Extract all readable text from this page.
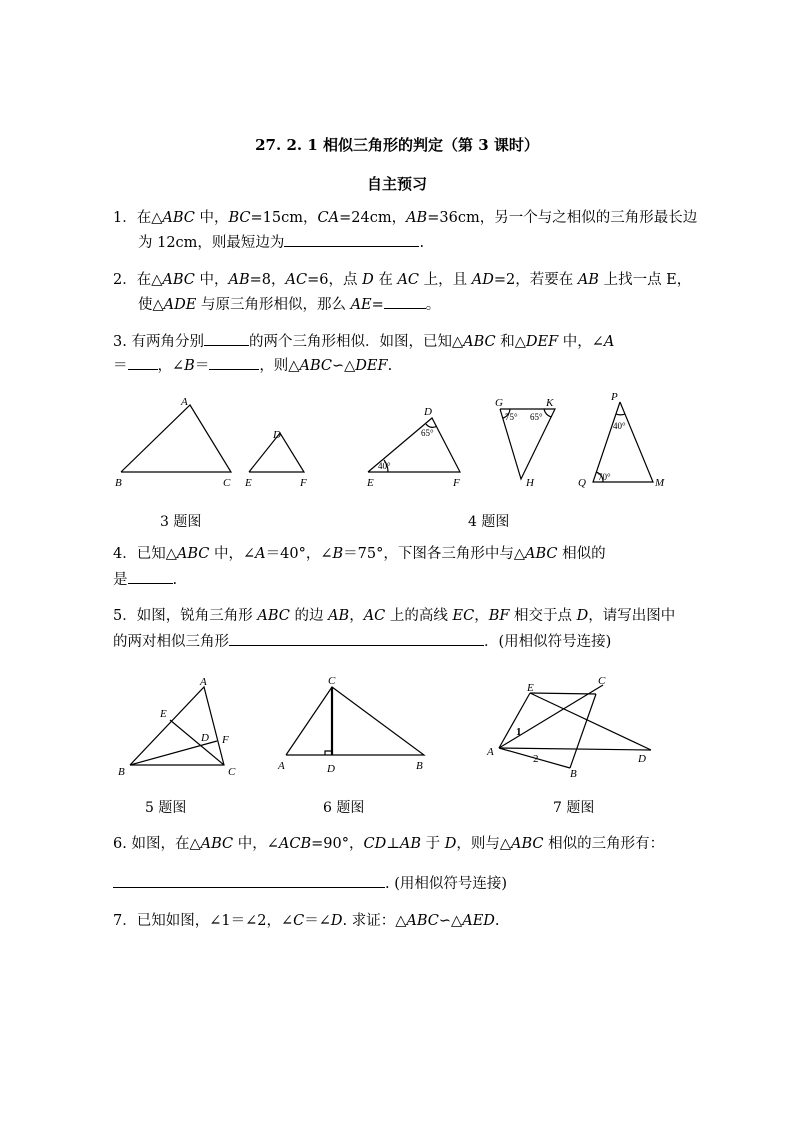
27. 2. 1 相似三角形的判定（第 3 课时）
自主预习
1．在△ABC 中，BC=15cm，CA=24cm，AB=36cm，另一个与之相似的三角形最长边
为 12cm，则最短边为	.
2．在△ABC 中，AB=8，AC=6，点 D 在 AC 上，且 AD=2，若要在 AB 上找一点 E，
使△ADE 与原三角形相似，那么 AE=	。
3. 有两角分别	的两个三角形相似．如图，已知△ABC 和△DEF 中，∠A
＝ ，∠B＝	，则△ABC∽△DEF.
A
B	C
D
E	F
D
E	F
65°
40°
G	K
H
75° 65°
P
Q	M
40°
70°
3 题图	4 题图
4．已知△ABC 中，∠A＝40°，∠B＝75°，下图各三角形中与△ABC 相似的
是	.
5．如图，锐角三角形 ABC 的边 AB，AC 上的高线 EC，BF 相交于点 D，请写出图中
的两对相似三角形	．(用相似符号连接)
A
B	C
D
E
F
C
A	B
D
E
C
A
B
D
1
2
5 题图	6 题图	7 题图
6. 如图，在△ABC 中，∠ACB=90°，CD⊥AB 于 D，则与△ABC 相似的三角形有：
. (用相似符号连接)
7．已知如图，∠1＝∠2，∠C＝∠D. 求证：△ABC∽△AED.
